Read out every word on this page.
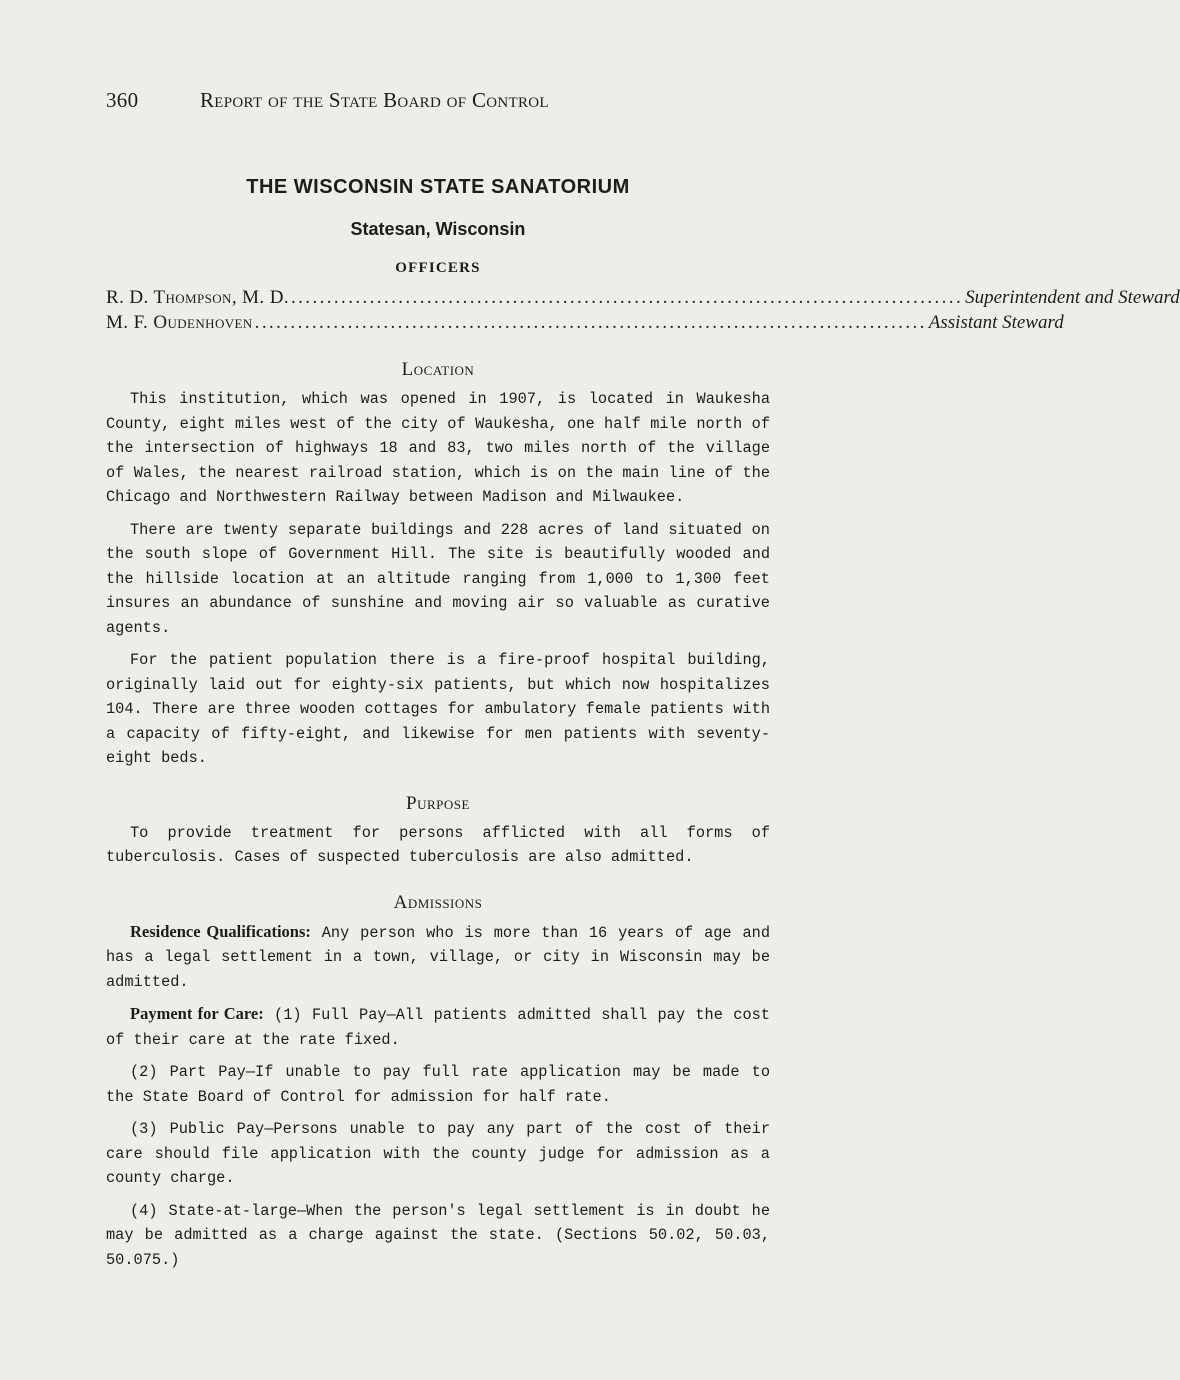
360	Report of the State Board of Control
THE WISCONSIN STATE SANATORIUM
Statesan, Wisconsin
OFFICERS
R. D. Thompson, M. D. .............................................................................................. Superintendent and Steward
M. F. Oudenhoven .............................................................................................. Assistant Steward
Location

This institution, which was opened in 1907, is located in Waukesha County, eight miles west of the city of Waukesha, one half mile north of the intersection of highways 18 and 83, two miles north of the village of Wales, the nearest railroad station, which is on the main line of the Chicago and Northwestern Railway between Madison and Milwaukee.

There are twenty separate buildings and 228 acres of land situated on the south slope of Government Hill. The site is beautifully wooded and the hillside location at an altitude ranging from 1,000 to 1,300 feet insures an abundance of sunshine and moving air so valuable as curative agents.

For the patient population there is a fire-proof hospital building, originally laid out for eighty-six patients, but which now hospitalizes 104. There are three wooden cottages for ambulatory female patients with a capacity of fifty-eight, and likewise for men patients with seventy-eight beds.

Purpose

To provide treatment for persons afflicted with all forms of tuberculosis. Cases of suspected tuberculosis are also admitted.

Admissions

Residence Qualifications: Any person who is more than 16 years of age and has a legal settlement in a town, village, or city in Wisconsin may be admitted.

Payment for Care: (1) Full Pay—All patients admitted shall pay the cost of their care at the rate fixed.

(2) Part Pay—If unable to pay full rate application may be made to the State Board of Control for admission for half rate.

(3) Public Pay—Persons unable to pay any part of the cost of their care should file application with the county judge for admission as a county charge.

(4) State-at-large—When the person's legal settlement is in doubt he may be admitted as a charge against the state. (Sections 50.02, 50.03, 50.075.)
